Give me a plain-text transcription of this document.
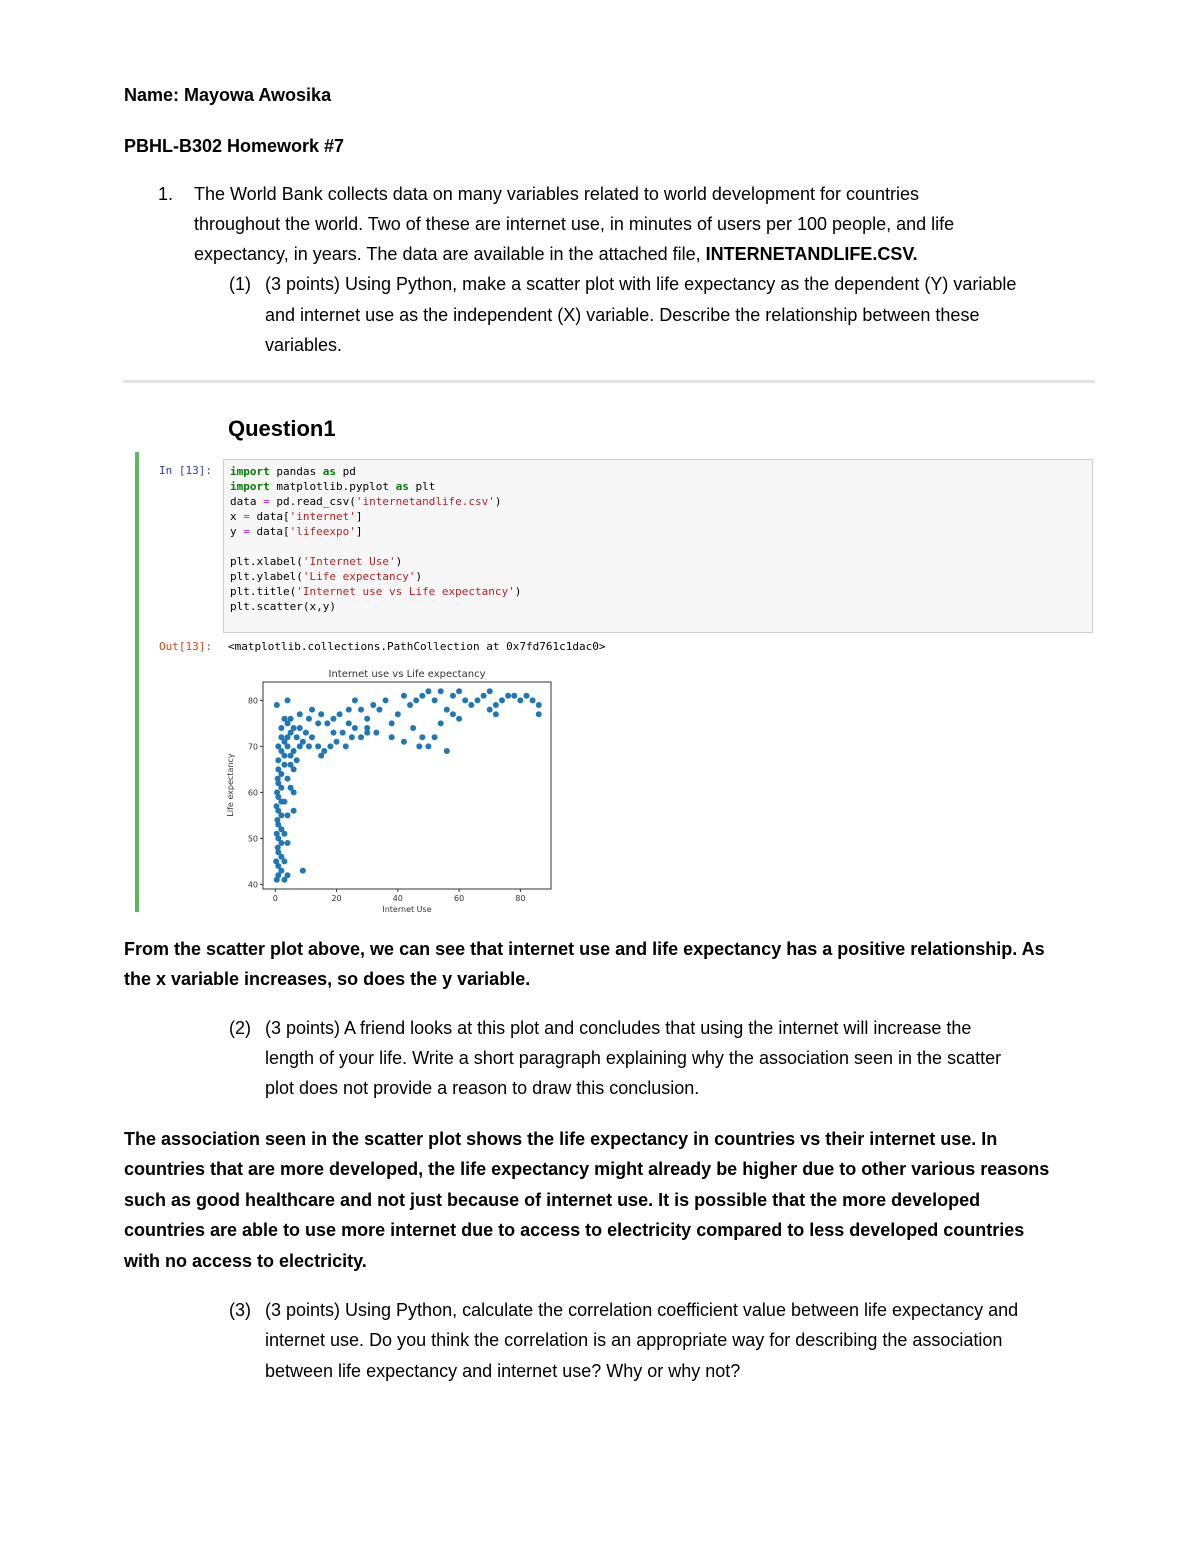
Name: Mayowa Awosika
PBHL-B302 Homework #7
1. The World Bank collects data on many variables related to world development for countries
throughout the world. Two of these are internet use, in minutes of users per 100 people, and life
expectancy, in years. The data are available in the attached file, INTERNETANDLIFE.CSV.
(1) (3 points) Using Python, make a scatter plot with life expectancy as the dependent (Y) variable
and internet use as the independent (X) variable. Describe the relationship between these
variables.
Question1
In [13]: import pandas as pd
import matplotlib.pyplot as plt
data = pd.read_csv('internetandlife.csv')
x = data['internet']
y = data['lifeexpo']
plt.xlabel('Internet Use')
plt.ylabel('Life expectancy')
plt.title('Internet use vs Life expectancy')
plt.scatter(x,y)
Out[13]: <matplotlib.collections.PathCollection at 0x7fd761c1dac0>
Internet use vs Life expectancy
40
50
60
70
80
0	20	40	60	80
Internet Use
Life expectancy
From the scatter plot above, we can see that internet use and life expectancy has a positive relationship. As
the x variable increases, so does the y variable.
(2) (3 points) A friend looks at this plot and concludes that using the internet will increase the
length of your life. Write a short paragraph explaining why the association seen in the scatter
plot does not provide a reason to draw this conclusion.
The association seen in the scatter plot shows the life expectancy in countries vs their internet use. In
countries that are more developed, the life expectancy might already be higher due to other various reasons
such as good healthcare and not just because of internet use. It is possible that the more developed
countries are able to use more internet due to access to electricity compared to less developed countries
with no access to electricity.
(3) (3 points) Using Python, calculate the correlation coefficient value between life expectancy and
internet use. Do you think the correlation is an appropriate way for describing the association
between life expectancy and internet use? Why or why not?
